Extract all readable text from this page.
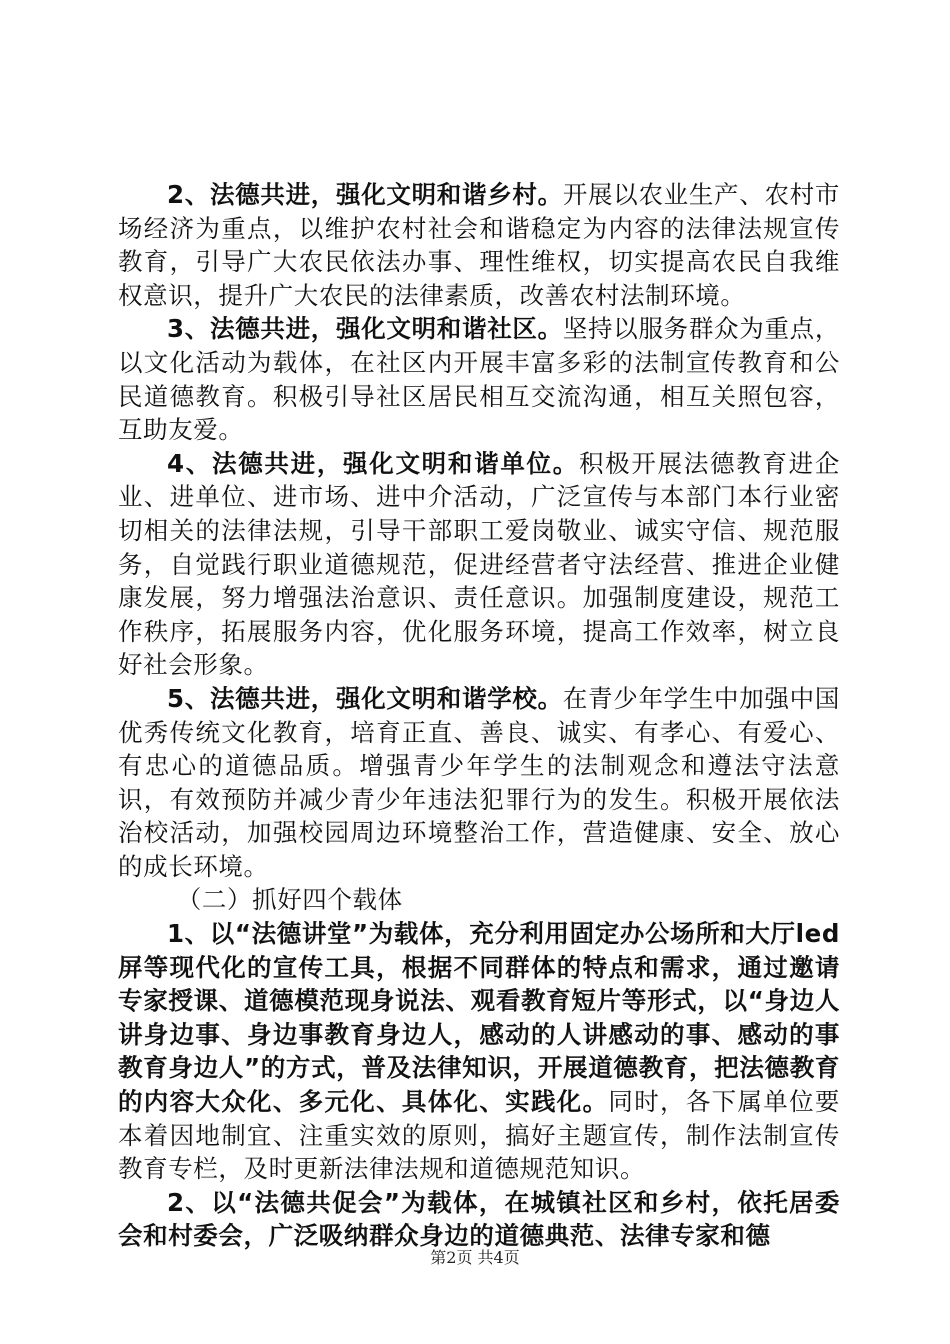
2、法德共进，强化文明和谐乡村。开展以农业生产、农村市场经济为重点，以维护农村社会和谐稳定为内容的法律法规宣传教育，引导广大农民依法办事、理性维权，切实提高农民自我维权意识，提升广大农民的法律素质，改善农村法制环境。

3、法德共进，强化文明和谐社区。坚持以服务群众为重点，以文化活动为载体，在社区内开展丰富多彩的法制宣传教育和公民道德教育。积极引导社区居民相互交流沟通，相互关照包容，互助友爱。

4、法德共进，强化文明和谐单位。积极开展法德教育进企业、进单位、进市场、进中介活动，广泛宣传与本部门本行业密切相关的法律法规，引导干部职工爱岗敬业、诚实守信、规范服务，自觉践行职业道德规范，促进经营者守法经营、推进企业健康发展，努力增强法治意识、责任意识。加强制度建设，规范工作秩序，拓展服务内容，优化服务环境，提高工作效率，树立良好社会形象。

5、法德共进，强化文明和谐学校。在青少年学生中加强中国优秀传统文化教育，培育正直、善良、诚实、有孝心、有爱心、有忠心的道德品质。增强青少年学生的法制观念和遵法守法意识，有效预防并减少青少年违法犯罪行为的发生。积极开展依法治校活动，加强校园周边环境整治工作，营造健康、安全、放心的成长环境。

（二）抓好四个载体

1、以“法德讲堂”为载体，充分利用固定办公场所和大厅led屏等现代化的宣传工具，根据不同群体的特点和需求，通过邀请专家授课、道德模范现身说法、观看教育短片等形式，以“身边人讲身边事、身边事教育身边人，感动的人讲感动的事、感动的事教育身边人”的方式，普及法律知识，开展道德教育，把法德教育的内容大众化、多元化、具体化、实践化。同时，各下属单位要本着因地制宜、注重实效的原则，搞好主题宣传，制作法制宣传教育专栏，及时更新法律法规和道德规范知识。

2、以“法德共促会”为载体，在城镇社区和乡村，依托居委会和村委会，广泛吸纳群众身边的道德典范、法律专家和德

第2页 共4页
